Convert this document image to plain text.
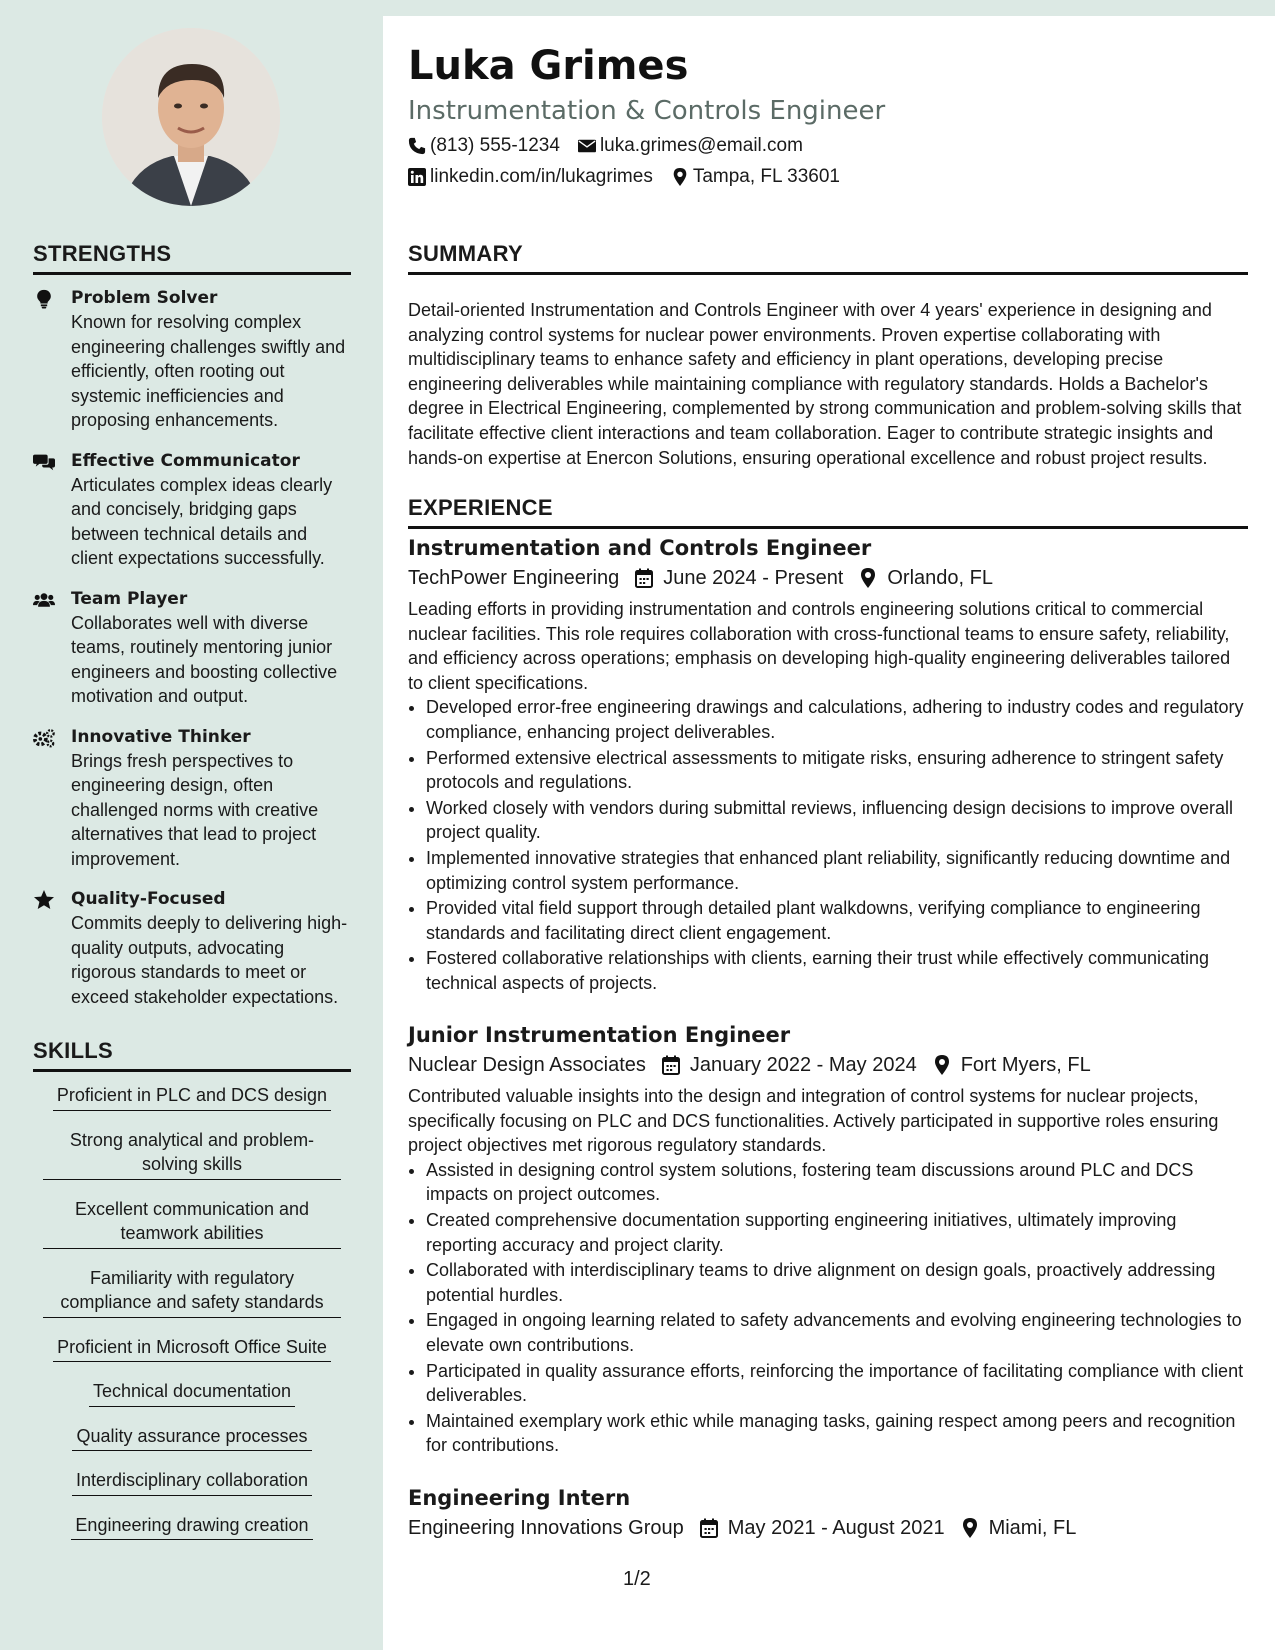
STRENGTHS
Problem Solver
Known for resolving complex engineering challenges swiftly and efficiently, often rooting out systemic inefficiencies and proposing enhancements.
Effective Communicator
Articulates complex ideas clearly and concisely, bridging gaps between technical details and client expectations successfully.
Team Player
Collaborates well with diverse teams, routinely mentoring junior engineers and boosting collective motivation and output.
Innovative Thinker
Brings fresh perspectives to engineering design, often challenged norms with creative alternatives that lead to project improvement.
Quality-Focused
Commits deeply to delivering high-quality outputs, advocating rigorous standards to meet or exceed stakeholder expectations.
SKILLS
Proficient in PLC and DCS design
Strong analytical and problem-solving skills
Excellent communication and teamwork abilities
Familiarity with regulatory compliance and safety standards
Proficient in Microsoft Office Suite
Technical documentation
Quality assurance processes
Interdisciplinary collaboration
Engineering drawing creation
Luka Grimes
Instrumentation & Controls Engineer
(813) 555-1234 luka.grimes@email.com
linkedin.com/in/lukagrimes Tampa, FL 33601
SUMMARY
Detail-oriented Instrumentation and Controls Engineer with over 4 years' experience in designing and analyzing control systems for nuclear power environments. Proven expertise collaborating with multidisciplinary teams to enhance safety and efficiency in plant operations, developing precise engineering deliverables while maintaining compliance with regulatory standards. Holds a Bachelor's degree in Electrical Engineering, complemented by strong communication and problem-solving skills that facilitate effective client interactions and team collaboration. Eager to contribute strategic insights and hands-on expertise at Enercon Solutions, ensuring operational excellence and robust project results.
EXPERIENCE
Instrumentation and Controls Engineer
TechPower Engineering June 2024 - Present Orlando, FL
Leading efforts in providing instrumentation and controls engineering solutions critical to commercial nuclear facilities. This role requires collaboration with cross-functional teams to ensure safety, reliability, and efficiency across operations; emphasis on developing high-quality engineering deliverables tailored to client specifications.
• Developed error-free engineering drawings and calculations, adhering to industry codes and regulatory compliance, enhancing project deliverables.
• Performed extensive electrical assessments to mitigate risks, ensuring adherence to stringent safety protocols and regulations.
• Worked closely with vendors during submittal reviews, influencing design decisions to improve overall project quality.
• Implemented innovative strategies that enhanced plant reliability, significantly reducing downtime and optimizing control system performance.
• Provided vital field support through detailed plant walkdowns, verifying compliance to engineering standards and facilitating direct client engagement.
• Fostered collaborative relationships with clients, earning their trust while effectively communicating technical aspects of projects.
Junior Instrumentation Engineer
Nuclear Design Associates January 2022 - May 2024 Fort Myers, FL
Contributed valuable insights into the design and integration of control systems for nuclear projects, specifically focusing on PLC and DCS functionalities. Actively participated in supportive roles ensuring project objectives met rigorous regulatory standards.
• Assisted in designing control system solutions, fostering team discussions around PLC and DCS impacts on project outcomes.
• Created comprehensive documentation supporting engineering initiatives, ultimately improving reporting accuracy and project clarity.
• Collaborated with interdisciplinary teams to drive alignment on design goals, proactively addressing potential hurdles.
• Engaged in ongoing learning related to safety advancements and evolving engineering technologies to elevate own contributions.
• Participated in quality assurance efforts, reinforcing the importance of facilitating compliance with client deliverables.
• Maintained exemplary work ethic while managing tasks, gaining respect among peers and recognition for contributions.
Engineering Intern
Engineering Innovations Group May 2021 - August 2021 Miami, FL
1/2
